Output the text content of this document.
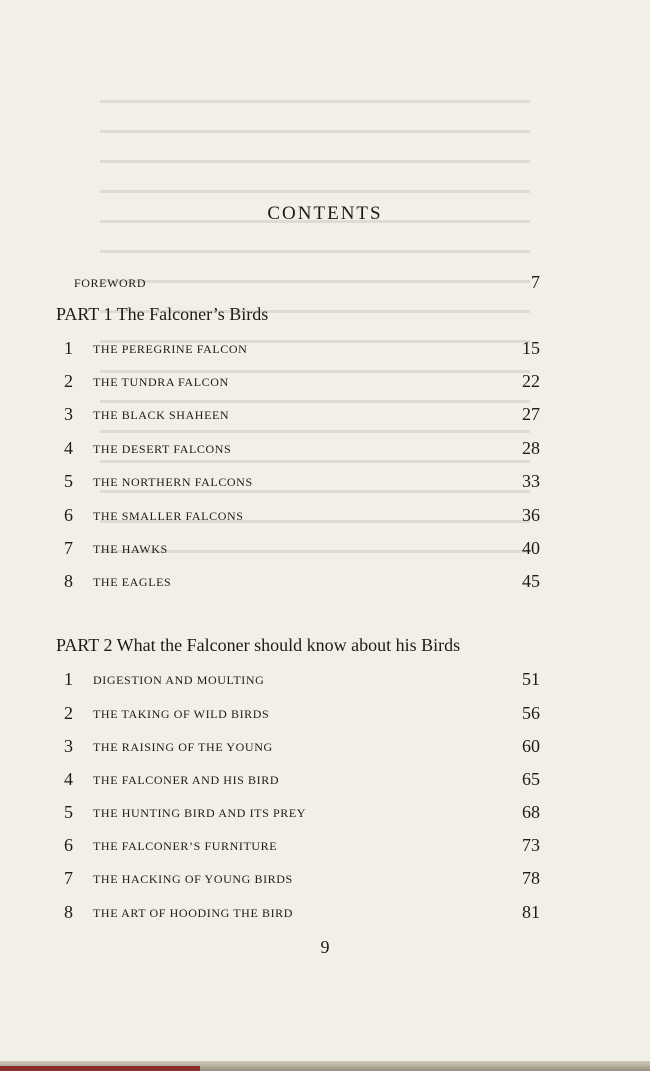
CONTENTS
FOREWORD	7
PART 1 The Falconer’s Birds
1 THE PEREGRINE FALCON	15
2 THE TUNDRA FALCON	22
3 THE BLACK SHAHEEN	27
4 THE DESERT FALCONS	28
5 THE NORTHERN FALCONS	33
6 THE SMALLER FALCONS	36
7 THE HAWKS	40
8 THE EAGLES	45
PART 2 What the Falconer should know about his Birds
1 DIGESTION AND MOULTING	51
2 THE TAKING OF WILD BIRDS	56
3 THE RAISING OF THE YOUNG	60
4 THE FALCONER AND HIS BIRD	65
5 THE HUNTING BIRD AND ITS PREY	68
6 THE FALCONER’S FURNITURE	73
7 THE HACKING OF YOUNG BIRDS	78
8 THE ART OF HOODING THE BIRD	81
9
